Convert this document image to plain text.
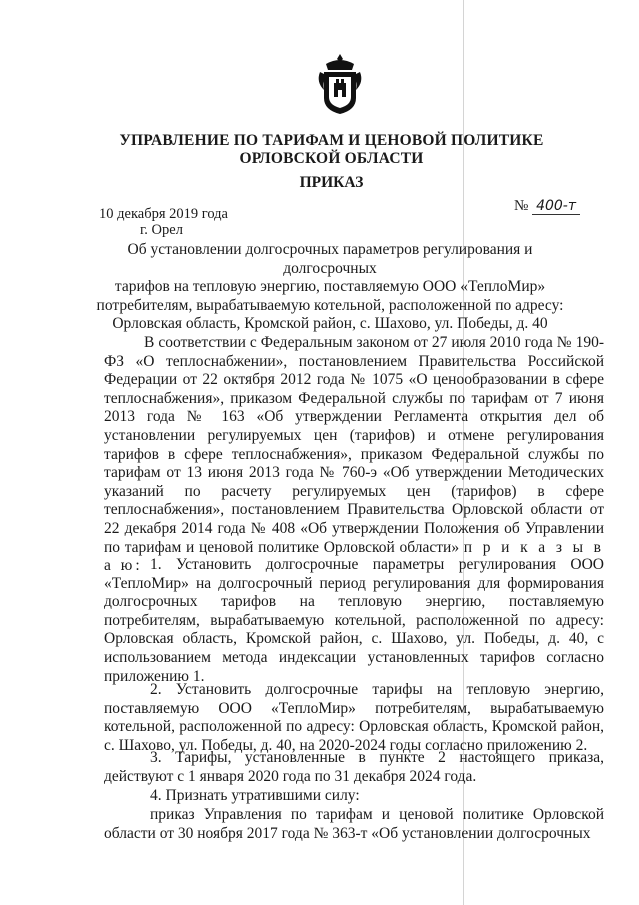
УПРАВЛЕНИЕ ПО ТАРИФАМ И ЦЕНОВОЙ ПОЛИТИКЕ
ОРЛОВСКОЙ ОБЛАСТИ
ПРИКАЗ
№ 400-т
10 декабря 2019 года
г. Орел
Об установлении долгосрочных параметров регулирования и долгосрочных
тарифов на тепловую энергию, поставляемую ООО «ТеплоМир»
потребителям, вырабатываемую котельной, расположенной по адресу:
Орловская область, Кромской район, с. Шахово, ул. Победы, д. 40
В соответствии с Федеральным законом от 27 июля 2010 года № 190-ФЗ «О теплоснабжении», постановлением Правительства Российской Федерации от 22 октября 2012 года № 1075 «О ценообразовании в сфере теплоснабжения», приказом Федеральной службы по тарифам от 7 июня 2013 года № 163 «Об утверждении Регламента открытия дел об установлении регулируемых цен (тарифов) и отмене регулирования тарифов в сфере теплоснабжения», приказом Федеральной службы по тарифам от 13 июня 2013 года № 760-э «Об утверждении Методических указаний по расчету регулируемых цен (тарифов) в сфере теплоснабжения», постановлением Правительства Орловской области от 22 декабря 2014 года № 408 «Об утверждении Положения об Управлении по тарифам и ценовой политике Орловской области» п р и к а з ы в а ю: 1. Установить долгосрочные параметры регулирования ООО «ТеплоМир» на долгосрочный период регулирования для формирования долгосрочных тарифов на тепловую энергию, поставляемую потребителям, вырабатываемую котельной, расположенной по адресу: Орловская область, Кромской район, с. Шахово, ул. Победы, д. 40, с использованием метода индексации установленных тарифов согласно приложению 1.
2. Установить долгосрочные тарифы на тепловую энергию, поставляемую ООО «ТеплоМир» потребителям, вырабатываемую котельной, расположенной по адресу: Орловская область, Кромской район, с. Шахово, ул. Победы, д. 40, на 2020-2024 годы согласно приложению 2.
3. Тарифы, установленные в пункте 2 настоящего приказа, действуют с 1 января 2020 года по 31 декабря 2024 года.
4. Признать утратившими силу:
приказ Управления по тарифам и ценовой политике Орловской области от 30 ноября 2017 года № 363-т «Об установлении долгосрочных
